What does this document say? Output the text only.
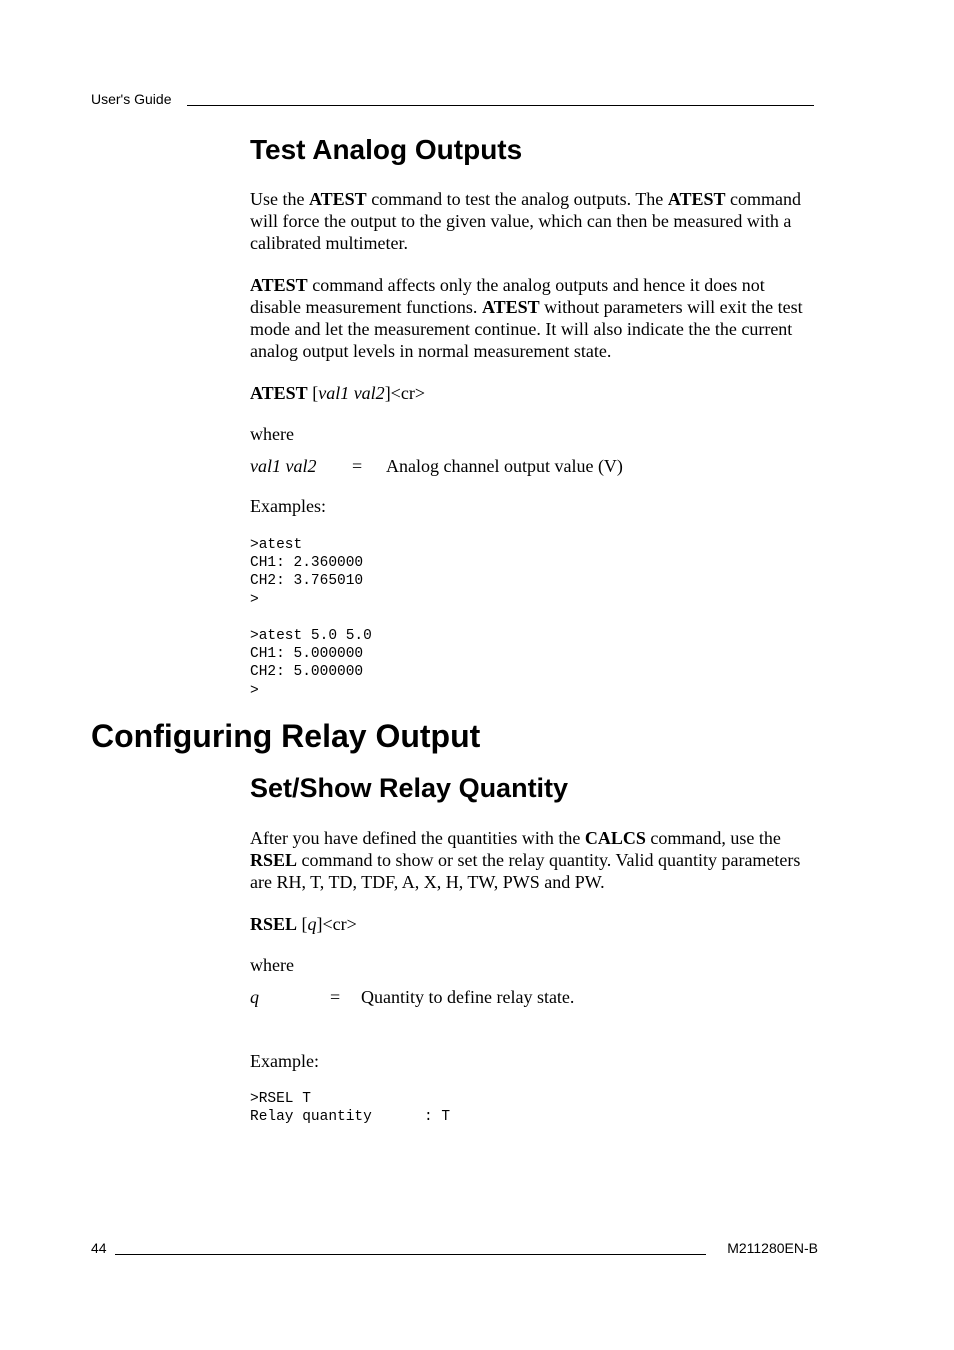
User's Guide
Test Analog Outputs
Use the ATEST command to test the analog outputs. The ATEST command will force the output to the given value, which can then be measured with a calibrated multimeter.
ATEST command affects only the analog outputs and hence it does not disable measurement functions. ATEST without parameters will exit the test mode and let the measurement continue. It will also indicate the the current analog output levels in normal measurement state.
ATEST [val1 val2]<cr>
where
val1 val2 = Analog channel output value (V)
Examples:
>atest
CH1: 2.360000
CH2: 3.765010
>
>atest 5.0 5.0
CH1: 5.000000
CH2: 5.000000
>
Configuring Relay Output
Set/Show Relay Quantity
After you have defined the quantities with the CALCS command, use the RSEL command to show or set the relay quantity. Valid quantity parameters are RH, T, TD, TDF, A, X, H, TW, PWS and PW.
RSEL [q]<cr>
where
q	= Quantity to define relay state.
Example:
>RSEL T
Relay quantity      : T
44	M211280EN-B
